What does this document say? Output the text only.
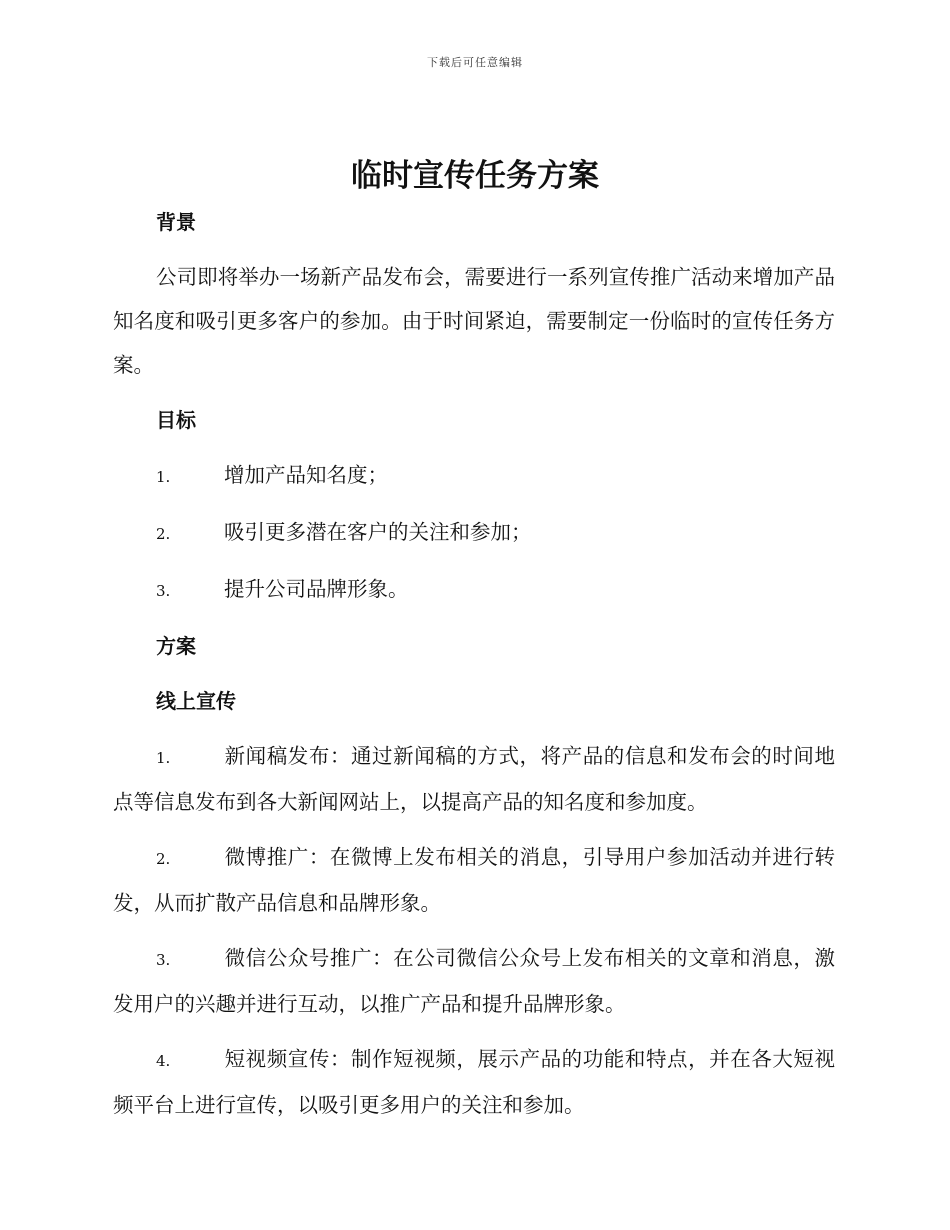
下载后可任意编辑
临时宣传任务方案
背景
公司即将举办一场新产品发布会，需要进行一系列宣传推广活动来增加产品知名度和吸引更多客户的参加。由于时间紧迫，需要制定一份临时的宣传任务方案。
目标
1.	增加产品知名度；
2.	吸引更多潜在客户的关注和参加；
3.	提升公司品牌形象。
方案
线上宣传
1.	新闻稿发布：通过新闻稿的方式，将产品的信息和发布会的时间地点等信息发布到各大新闻网站上，以提高产品的知名度和参加度。
2.	微博推广：在微博上发布相关的消息，引导用户参加活动并进行转发，从而扩散产品信息和品牌形象。
3.	微信公众号推广：在公司微信公众号上发布相关的文章和消息，激发用户的兴趣并进行互动，以推广产品和提升品牌形象。
4.	短视频宣传：制作短视频，展示产品的功能和特点，并在各大短视频平台上进行宣传，以吸引更多用户的关注和参加。
